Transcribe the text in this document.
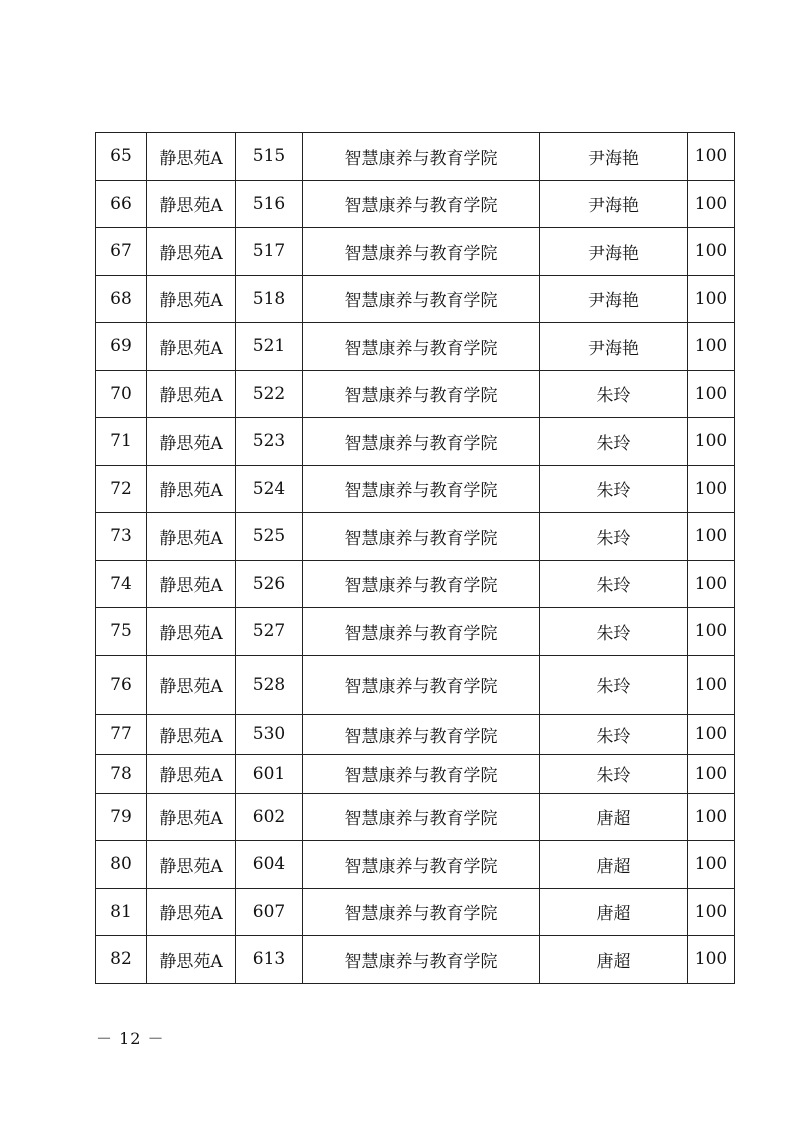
65	静思苑A	515	智慧康养与教育学院	尹海艳	100
66	静思苑A	516	智慧康养与教育学院	尹海艳	100
67	静思苑A	517	智慧康养与教育学院	尹海艳	100
68	静思苑A	518	智慧康养与教育学院	尹海艳	100
69	静思苑A	521	智慧康养与教育学院	尹海艳	100
70	静思苑A	522	智慧康养与教育学院	朱玲	100
71	静思苑A	523	智慧康养与教育学院	朱玲	100
72	静思苑A	524	智慧康养与教育学院	朱玲	100
73	静思苑A	525	智慧康养与教育学院	朱玲	100
74	静思苑A	526	智慧康养与教育学院	朱玲	100
75	静思苑A	527	智慧康养与教育学院	朱玲	100
76	静思苑A	528	智慧康养与教育学院	朱玲	100
77	静思苑A	530	智慧康养与教育学院	朱玲	100
78	静思苑A	601	智慧康养与教育学院	朱玲	100
79	静思苑A	602	智慧康养与教育学院	唐超	100
80	静思苑A	604	智慧康养与教育学院	唐超	100
81	静思苑A	607	智慧康养与教育学院	唐超	100
82	静思苑A	613	智慧康养与教育学院	唐超	100
－ 12 －
